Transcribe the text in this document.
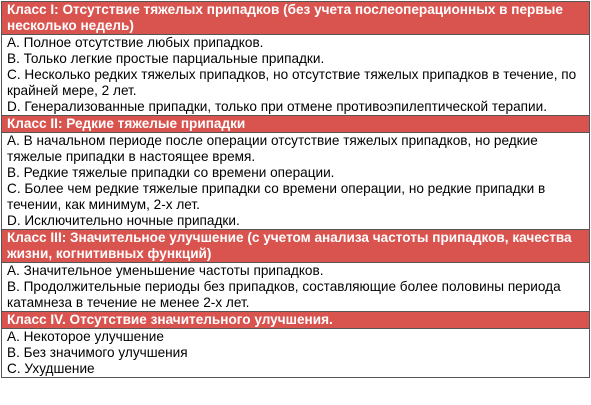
Класс I: Отсутствие тяжелых припадков (без учета послеоперационных в первые несколько недель)

А. Полное отсутствие любых припадков.
В. Только легкие простые парциальные припадки.
С. Несколько редких тяжелых припадков, но отсутствие тяжелых припадков в течение, по крайней мере, 2 лет.
D. Генерализованные припадки, только при отмене противоэпилептической терапии.

Класс II: Редкие тяжелые припадки

А. В начальном периоде после операции отсутствие тяжелых припадков, но редкие тяжелые припадки в настоящее время.
В. Редкие тяжелые припадки со времени операции.
С. Более чем редкие тяжелые припадки со времени операции, но редкие припадки в течении, как минимум, 2-х лет.
D. Исключительно ночные припадки.

Класс III: Значительное улучшение (с учетом анализа частоты припадков, качества жизни, когнитивных функций)

А. Значительное уменьшение частоты припадков.
В. Продолжительные периоды без припадков, составляющие более половины периода катамнеза в течение не менее 2-х лет.

Класс IV. Отсутствие значительного улучшения.

А. Некоторое улучшение
В. Без значимого улучшения
С. Ухудшение
